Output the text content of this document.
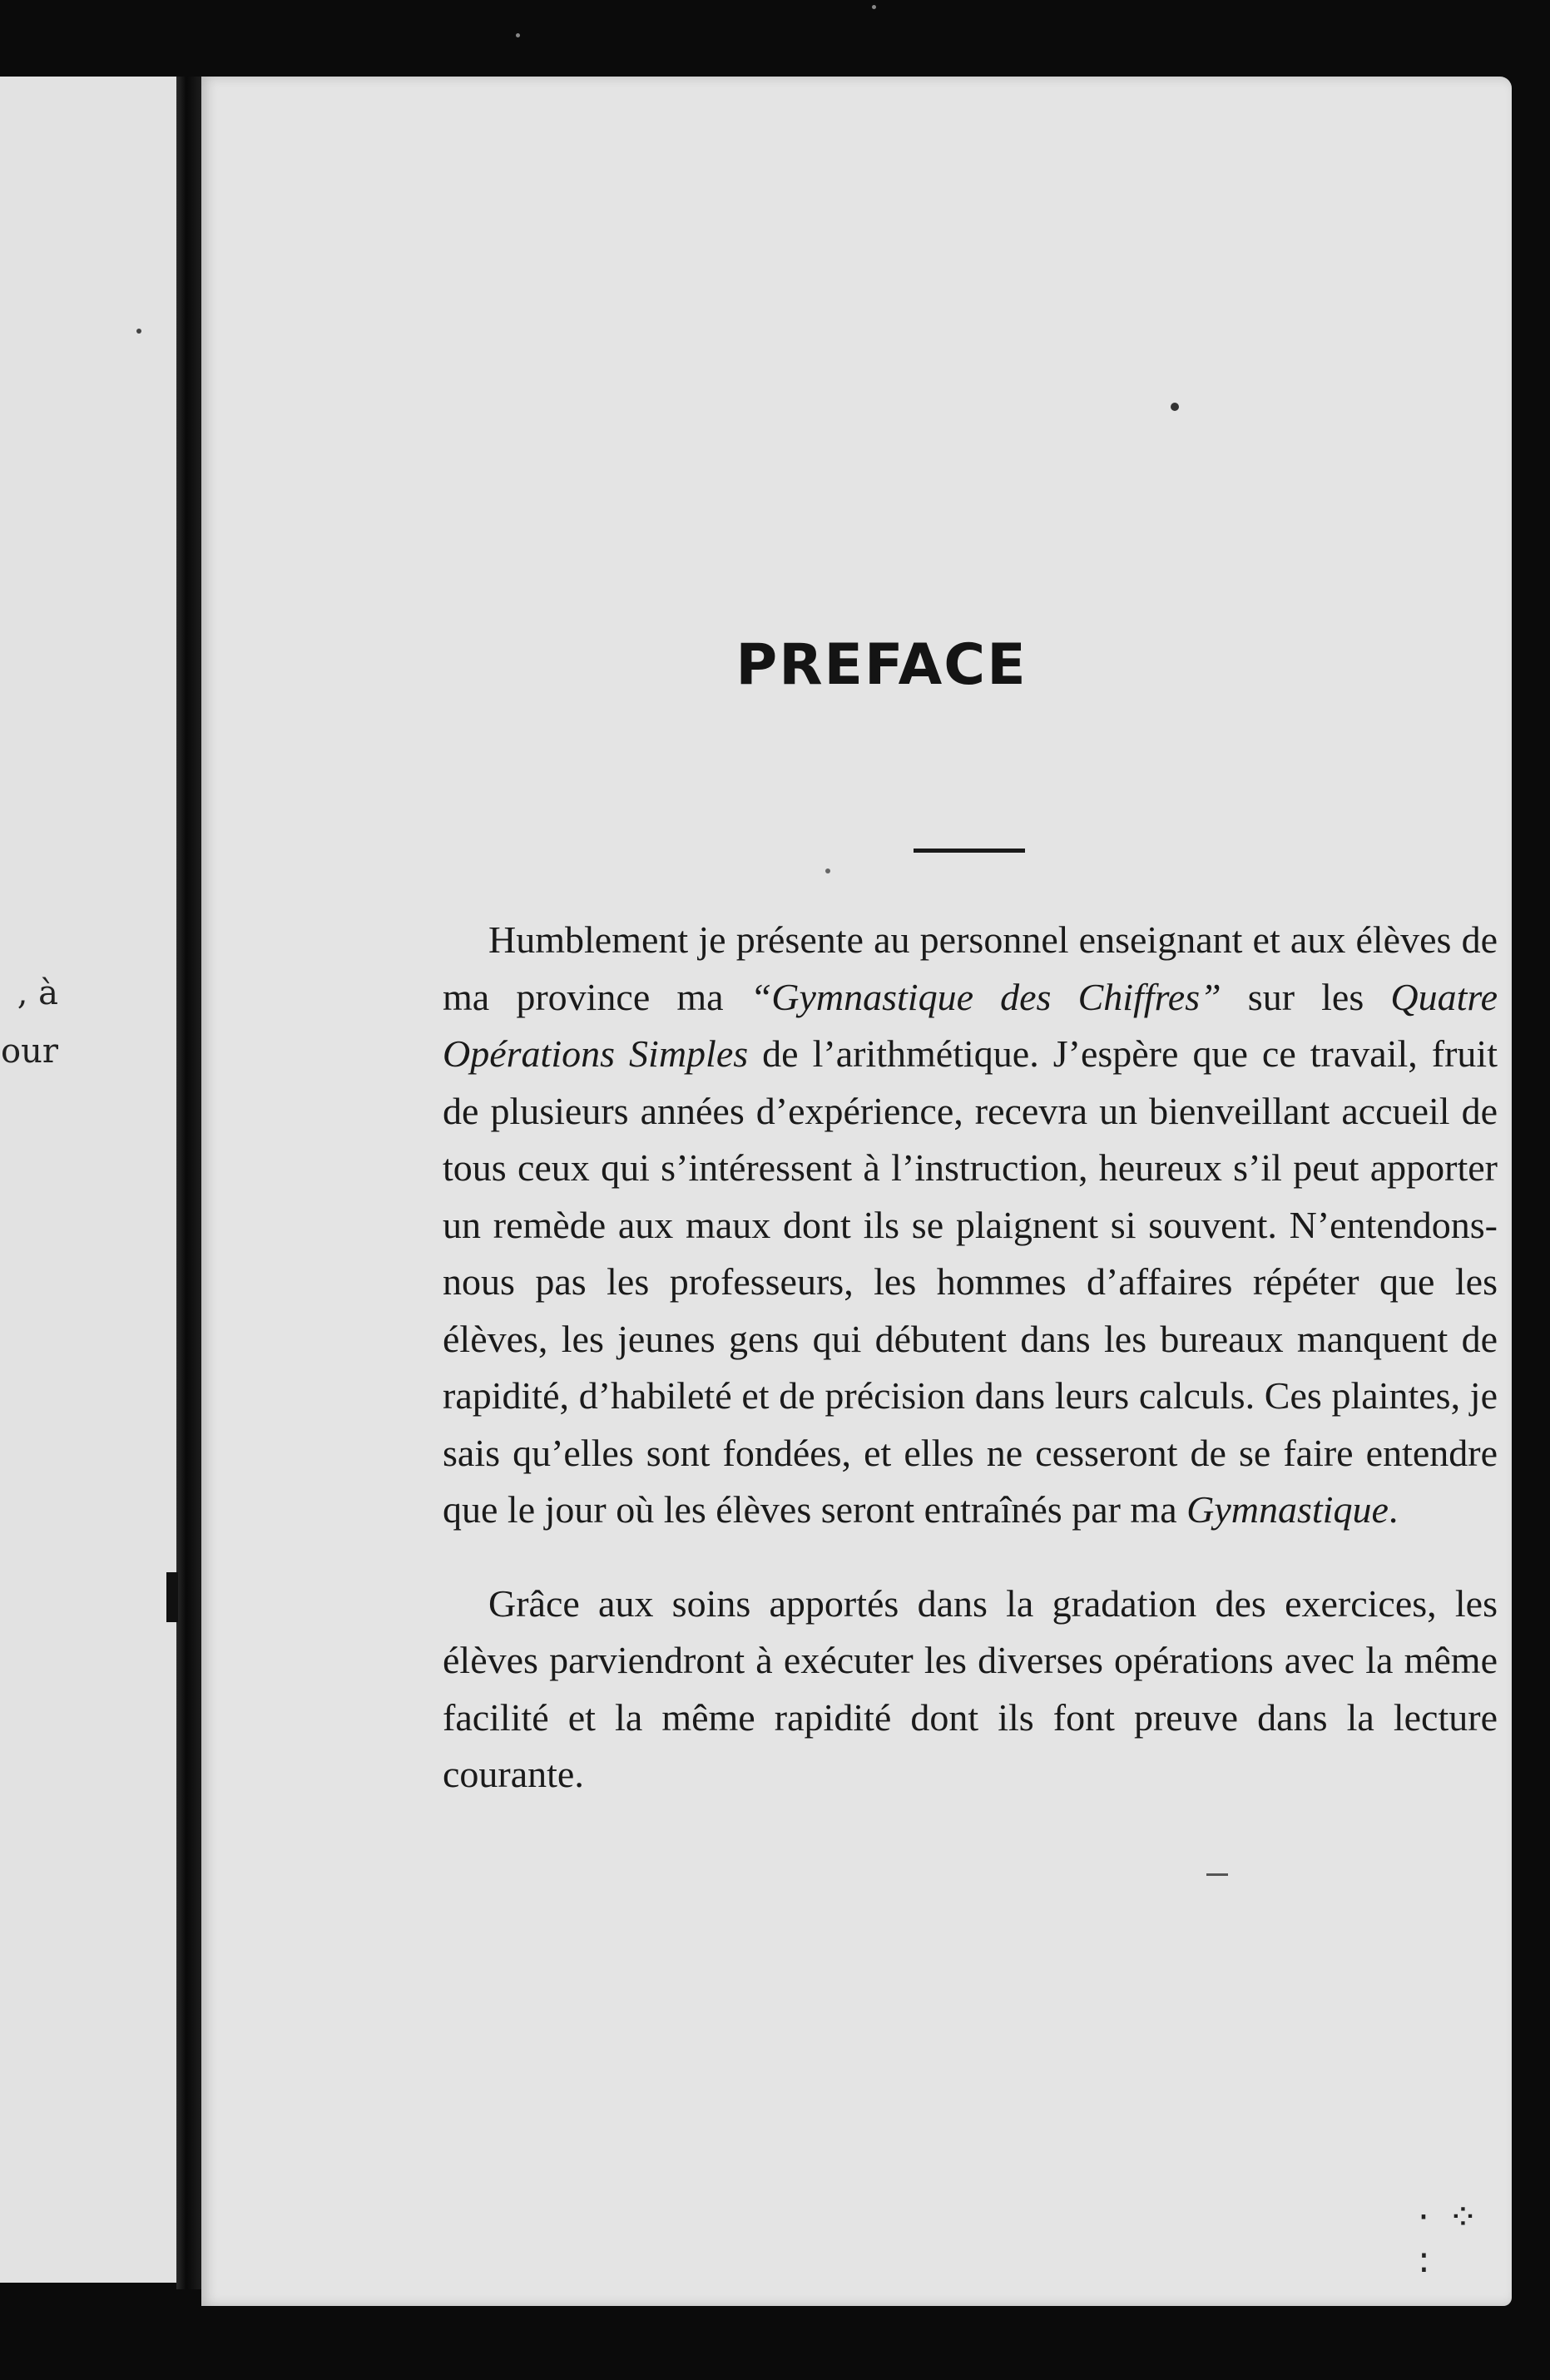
, à
our
PREFACE

Humblement je présente au personnel enseignant et aux élèves de ma province ma “Gymnastique des Chiffres” sur les Quatre Opérations Simples de l’arithmétique. J’espère que ce travail, fruit de plusieurs années d’expérience, recevra un bienveillant accueil de tous ceux qui s’intéressent à l’instruction, heureux s’il peut apporter un remède aux maux dont ils se plaignent si souvent. N’entendons-nous pas les professeurs, les hommes d’affaires répéter que les élèves, les jeunes gens qui débutent dans les bureaux manquent de rapidité, d’habileté et de précision dans leurs calculs. Ces plaintes, je sais qu’elles sont fondées, et elles ne cesseront de se faire entendre que le jour où les élèves seront entraînés par ma Gymnastique.

Grâce aux soins apportés dans la gradation des exercices, les élèves parviendront à exécuter les diverses opérations avec la même facilité et la même rapidité dont ils font preuve dans la lecture courante.

· ⁘ :
